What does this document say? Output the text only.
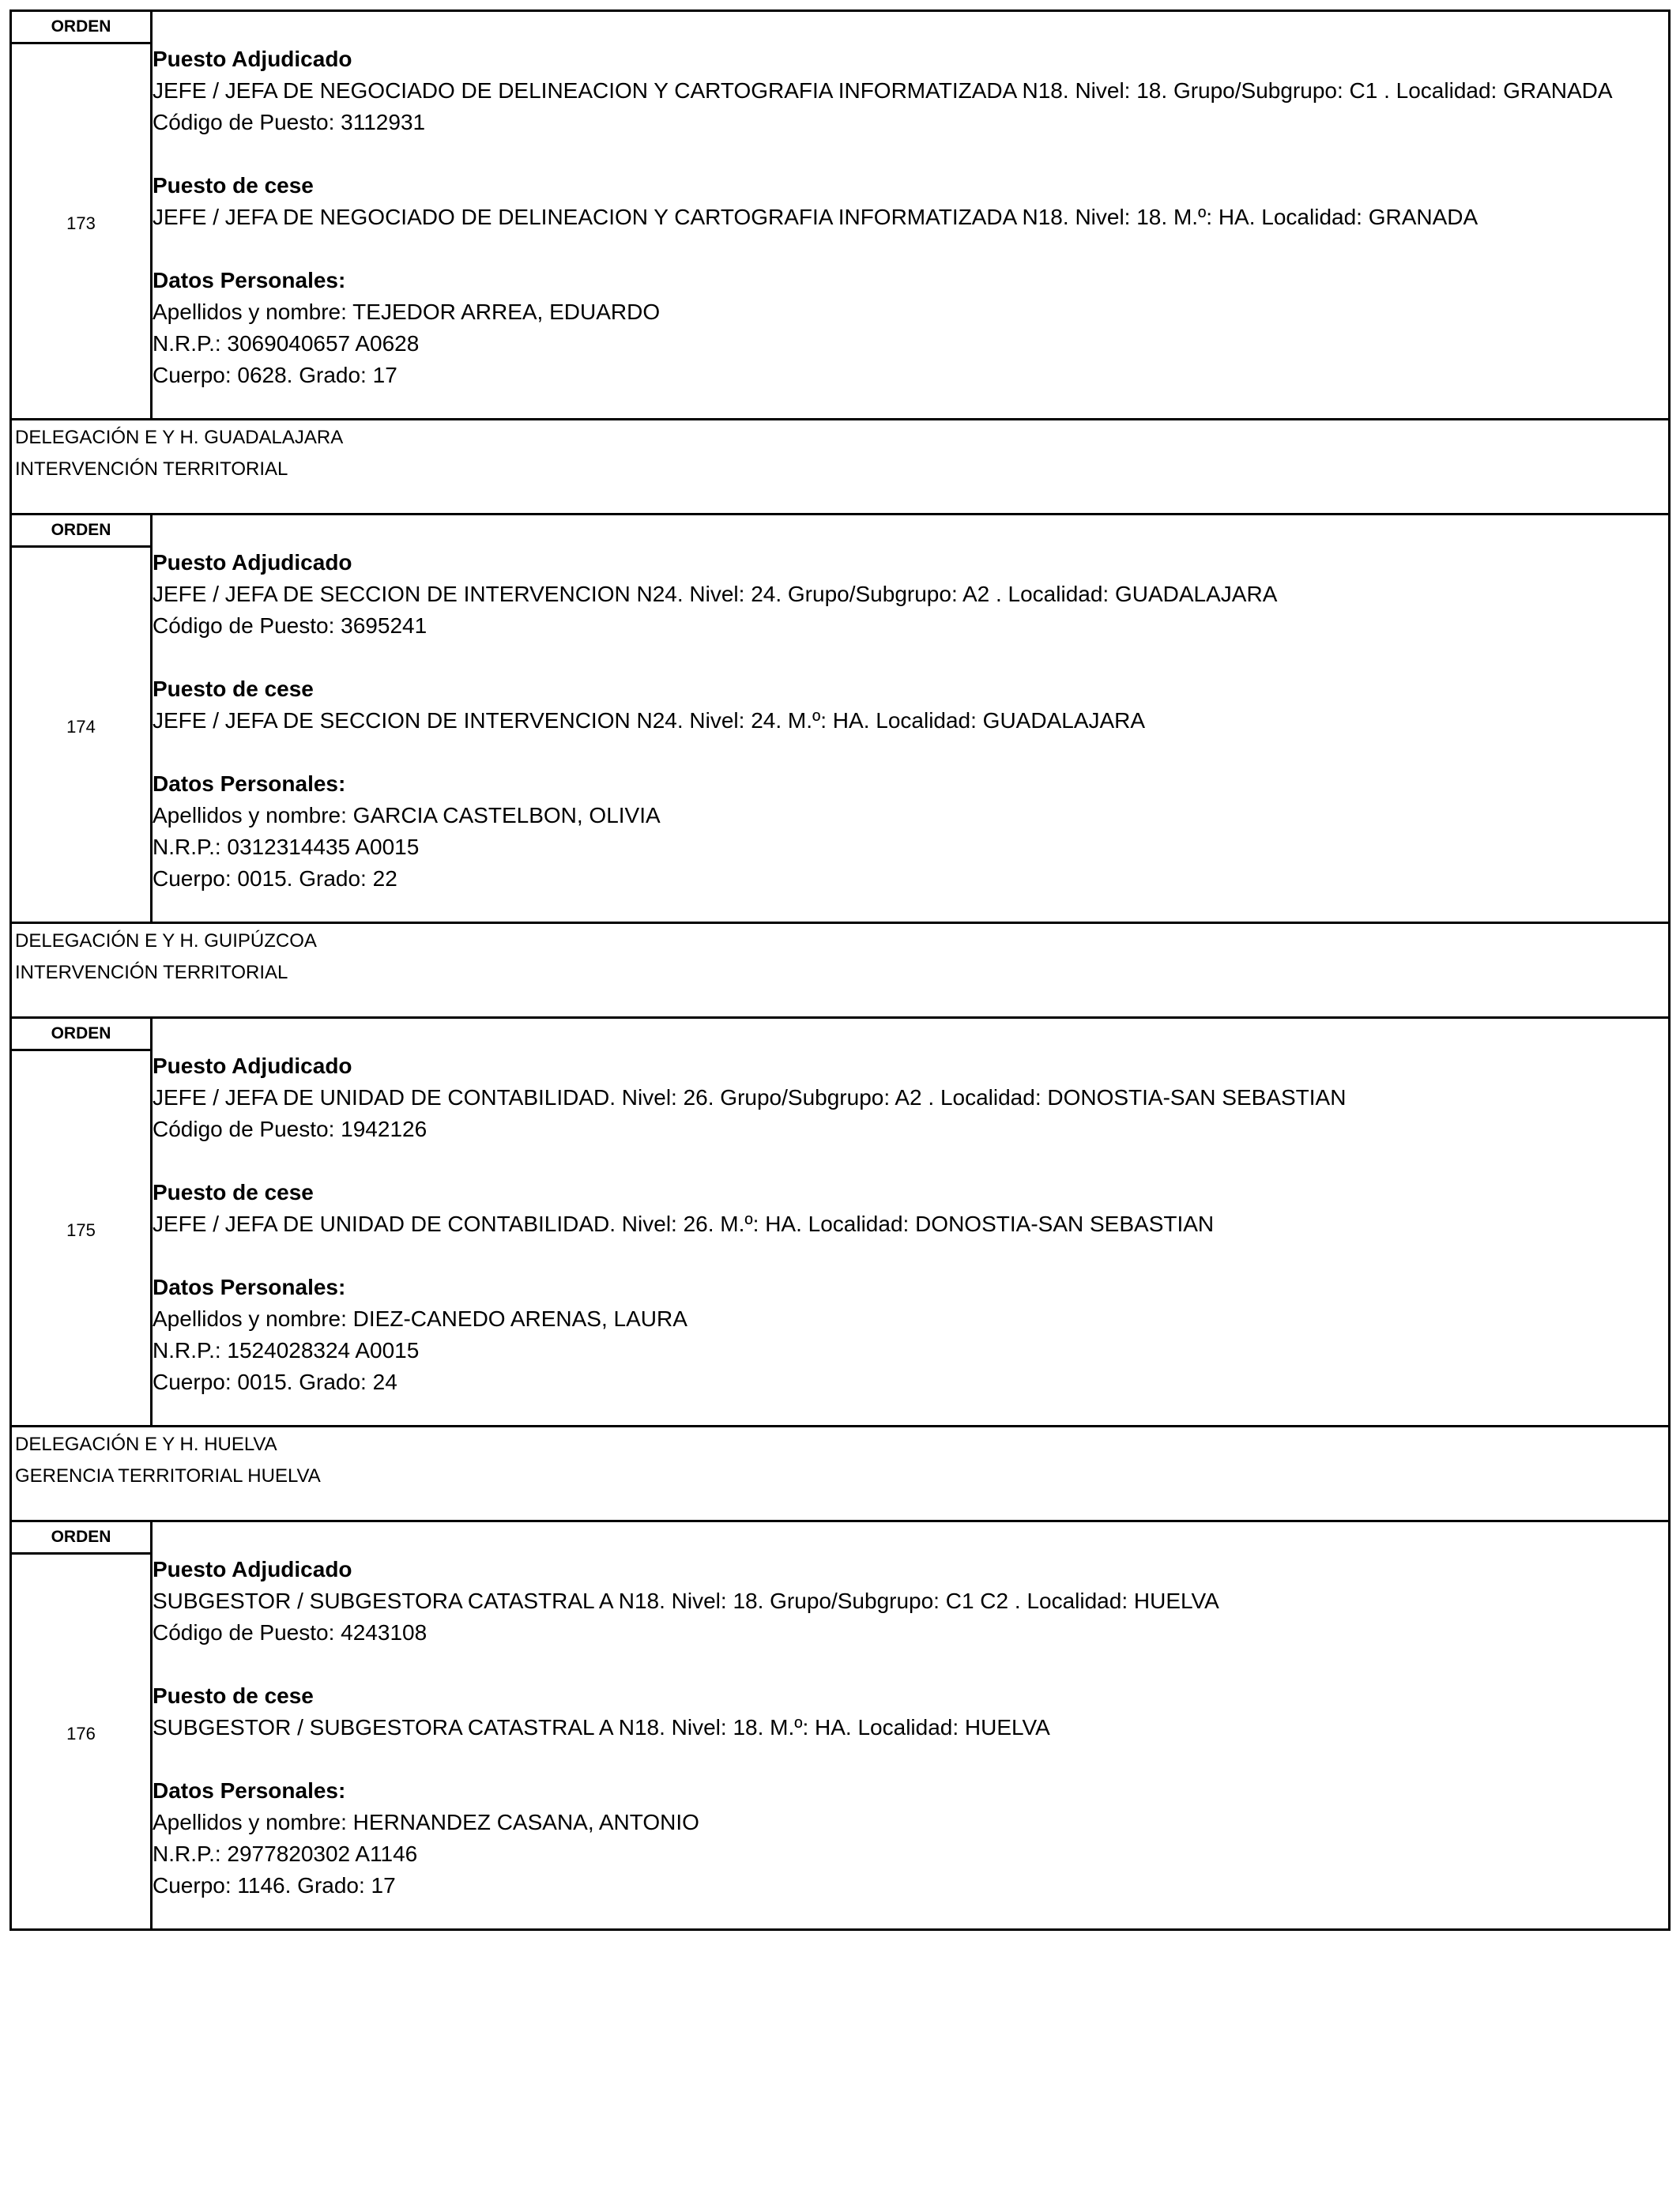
ORDEN
173
Puesto Adjudicado
JEFE / JEFA DE NEGOCIADO DE DELINEACION Y CARTOGRAFIA INFORMATIZADA N18. Nivel: 18. Grupo/Subgrupo: C1 . Localidad: GRANADA
Código de Puesto: 3112931
Puesto de cese
JEFE / JEFA DE NEGOCIADO DE DELINEACION Y CARTOGRAFIA INFORMATIZADA N18. Nivel: 18. M.º: HA. Localidad: GRANADA
Datos Personales:
Apellidos y nombre: TEJEDOR ARREA, EDUARDO
N.R.P.: 3069040657 A0628
Cuerpo: 0628. Grado: 17
DELEGACIÓN E Y H. GUADALAJARA
INTERVENCIÓN TERRITORIAL
ORDEN
174
Puesto Adjudicado
JEFE / JEFA DE SECCION DE INTERVENCION N24. Nivel: 24. Grupo/Subgrupo: A2 . Localidad: GUADALAJARA
Código de Puesto: 3695241
Puesto de cese
JEFE / JEFA DE SECCION DE INTERVENCION N24. Nivel: 24. M.º: HA. Localidad: GUADALAJARA
Datos Personales:
Apellidos y nombre: GARCIA CASTELBON, OLIVIA
N.R.P.: 0312314435 A0015
Cuerpo: 0015. Grado: 22
DELEGACIÓN E Y H. GUIPÚZCOA
INTERVENCIÓN TERRITORIAL
ORDEN
175
Puesto Adjudicado
JEFE / JEFA DE UNIDAD DE CONTABILIDAD. Nivel: 26. Grupo/Subgrupo: A2 . Localidad: DONOSTIA-SAN SEBASTIAN
Código de Puesto: 1942126
Puesto de cese
JEFE / JEFA DE UNIDAD DE CONTABILIDAD. Nivel: 26. M.º: HA. Localidad: DONOSTIA-SAN SEBASTIAN
Datos Personales:
Apellidos y nombre: DIEZ-CANEDO ARENAS, LAURA
N.R.P.: 1524028324 A0015
Cuerpo: 0015. Grado: 24
DELEGACIÓN E Y H. HUELVA
GERENCIA TERRITORIAL HUELVA
ORDEN
176
Puesto Adjudicado
SUBGESTOR / SUBGESTORA CATASTRAL A N18. Nivel: 18. Grupo/Subgrupo: C1 C2 . Localidad: HUELVA
Código de Puesto: 4243108
Puesto de cese
SUBGESTOR / SUBGESTORA CATASTRAL A N18. Nivel: 18. M.º: HA. Localidad: HUELVA
Datos Personales:
Apellidos y nombre: HERNANDEZ CASANA, ANTONIO
N.R.P.: 2977820302 A1146
Cuerpo: 1146. Grado: 17
